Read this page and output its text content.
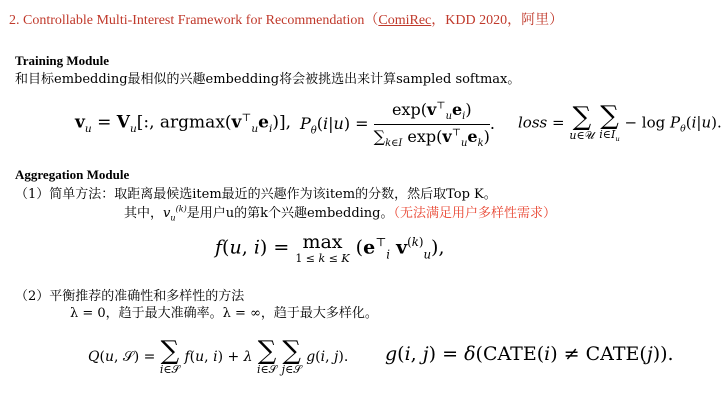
2. Controllable Multi-Interest Framework for Recommendation（ComiRec，KDD 2020，阿里）
Training Module
和目标embedding最相似的兴趣embedding将会被挑选出来计算sampled softmax。
$v_u = V_u$[:, $argmax(v^⊤_ue_i)$], $P_\theta(i|u) = \frac{\exp(v^⊤_ue_i)}{\sum_{k\in I} \exp(v^⊤_ue_k)}$ . loss = ∑
u∈𝒰
∑
$i\in I_u$
− $\log P_\theta(i|u)$.
Aggregation Module
（1）简单方法：取距离最候选item最近的兴趣作为该item的分数，然后取Top K。
其中，$v_u^{(k)}$是用户u的第k个兴趣embedding。（无法满足用户多样性需求）
f(u, i) = max
1 ≤ k ≤ K ($e^⊤_i$ $v^{(k)}_u$),
（2）平衡推荐的准确性和多样性的方法
λ = 0，趋于最大准确率。λ = ∞，趋于最大多样化。
Q(u, 𝒮) = ∑
i∈𝒮
f(u, i) + λ ∑
i∈𝒮
∑
j∈𝒮
g(i, j). g(i, j) = δ(CATE(i) ≠ CATE(j)).
